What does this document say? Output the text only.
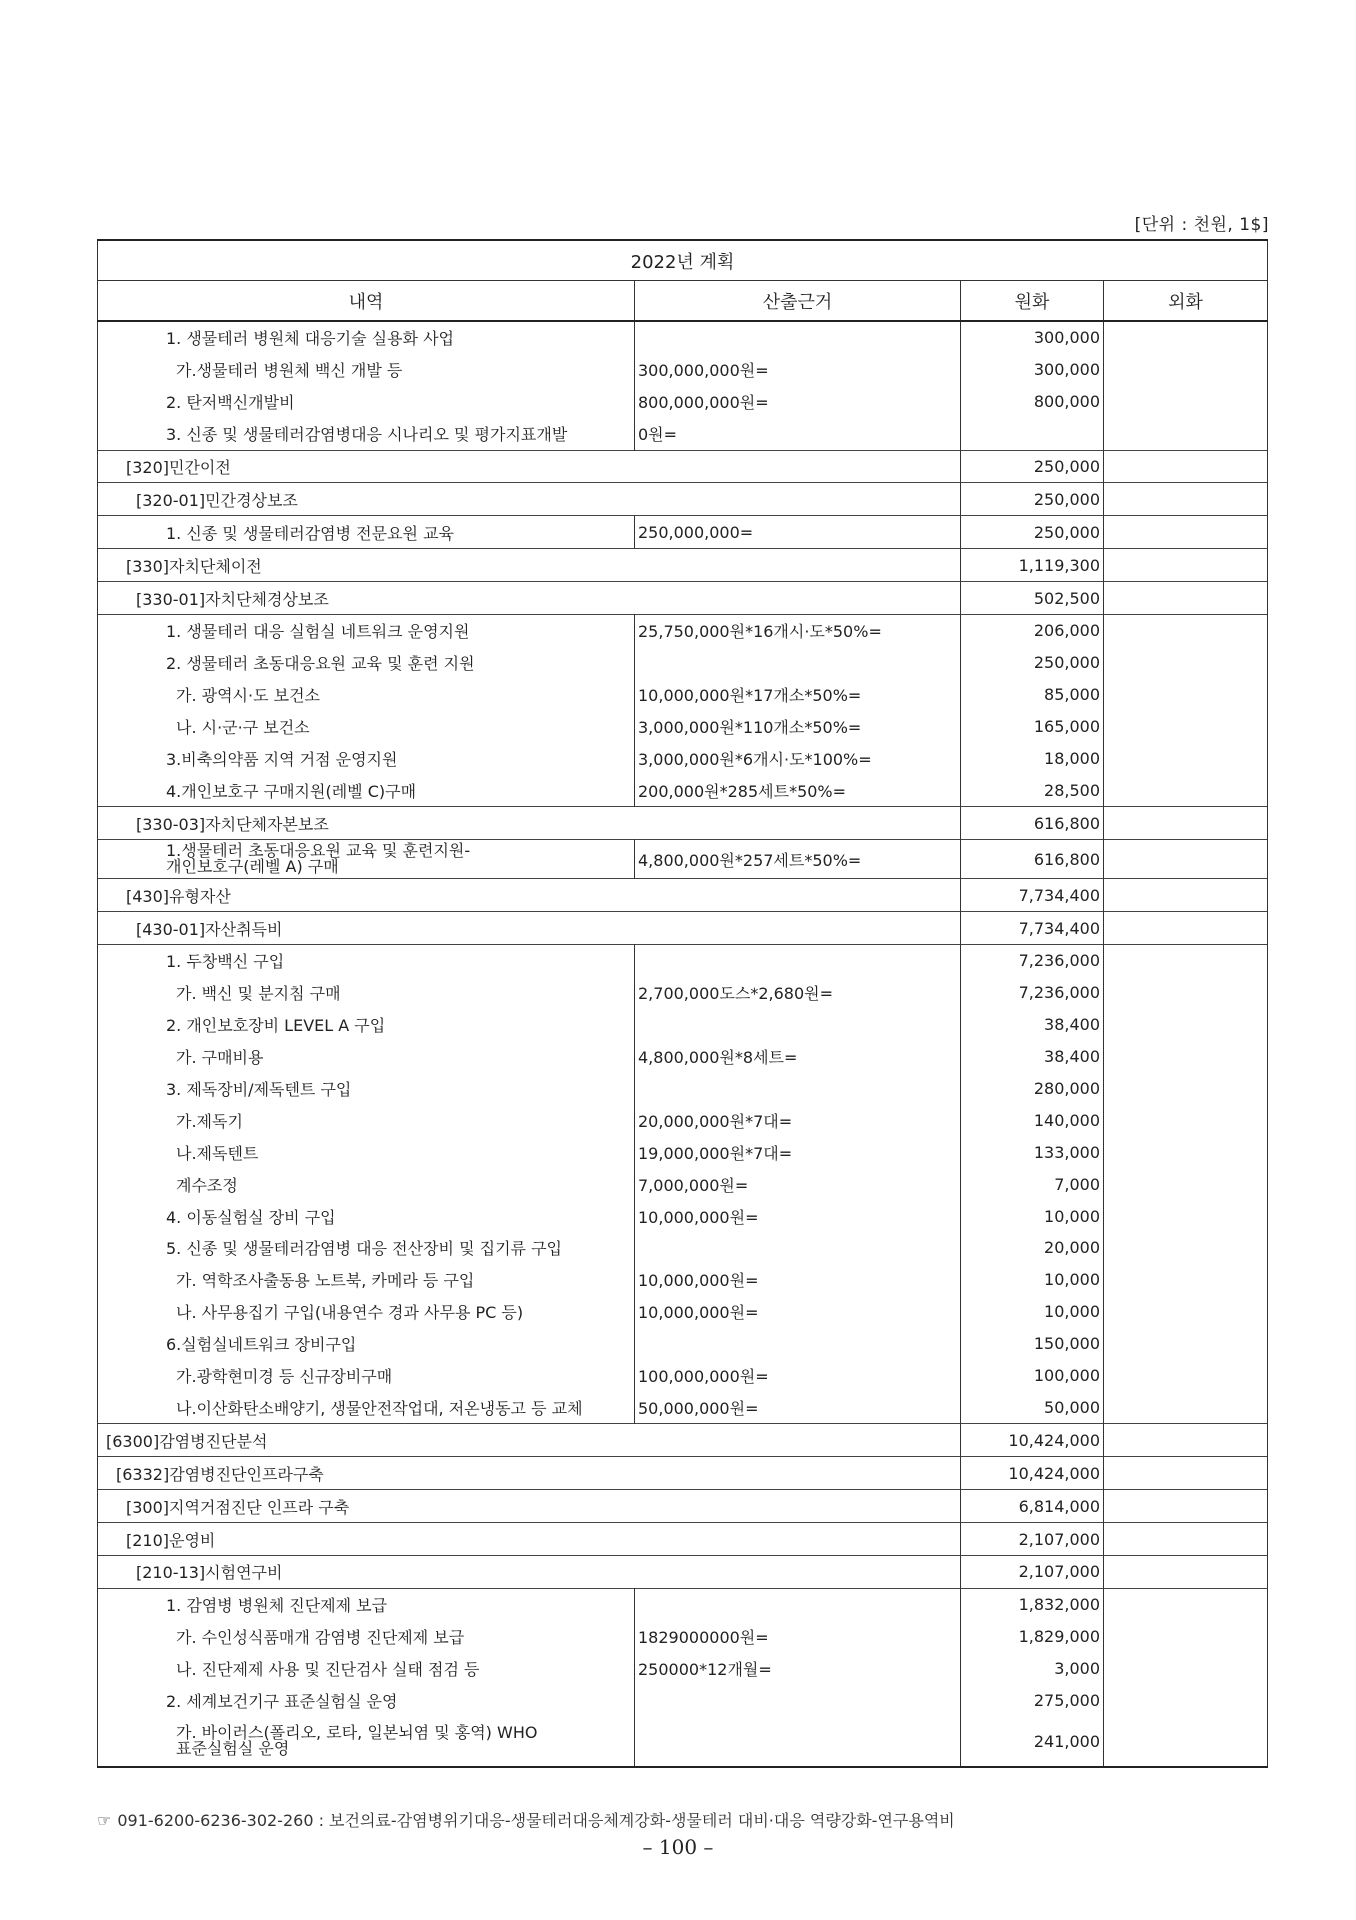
[단위 : 천원, 1$]
2022년 계획			
내역	산출근거	원화	외화
1. 생물테러 병원체 대응기술 실용화 사업		300,000	
가.생물테러 병원체 백신 개발 등	300,000,000원=	300,000	
2. 탄저백신개발비	800,000,000원=	800,000	
3. 신종 및 생물테러감염병대응 시나리오 및 평가지표개발	0원=		
[320]민간이전		250,000	
[320-01]민간경상보조		250,000	
1. 신종 및 생물테러감염병 전문요원 교육	250,000,000=	250,000	
[330]자치단체이전		1,119,300	
[330-01]자치단체경상보조		502,500	
1. 생물테러 대응 실험실 네트워크 운영지원	25,750,000원*16개시·도*50%=	206,000	
2. 생물테러 초동대응요원 교육 및 훈련 지원		250,000	
가. 광역시·도 보건소	10,000,000원*17개소*50%=	85,000	
나. 시·군·구 보건소	3,000,000원*110개소*50%=	165,000	
3.비축의약품 지역 거점 운영지원	3,000,000원*6개시·도*100%=	18,000	
4.개인보호구 구매지원(레벨 C)구매	200,000원*285세트*50%=	28,500	
[330-03]자치단체자본보조		616,800	

1.생물테러 초동대응요원 교육 및 훈련지원-
개인보호구(레벨 A) 구매	4,800,000원*257세트*50%=	616,800	
[430]유형자산		7,734,400	
[430-01]자산취득비		7,734,400	
1. 두창백신 구입		7,236,000	
가. 백신 및 분지침 구매	2,700,000도스*2,680원=	7,236,000	
2. 개인보호장비 LEVEL A 구입		38,400	
가. 구매비용	4,800,000원*8세트=	38,400	
3. 제독장비/제독텐트 구입		280,000	
가.제독기	20,000,000원*7대=	140,000	
나.제독텐트	19,000,000원*7대=	133,000	
계수조정	7,000,000원=	7,000	
4. 이동실험실 장비 구입	10,000,000원=	10,000	
5. 신종 및 생물테러감염병 대응 전산장비 및 집기류 구입		20,000	
가. 역학조사출동용 노트북, 카메라 등 구입	10,000,000원=	10,000	
나. 사무용집기 구입(내용연수 경과 사무용 PC 등)	10,000,000원=	10,000	
6.실험실네트워크 장비구입		150,000	
가.광학현미경 등 신규장비구매	100,000,000원=	100,000	
나.이산화탄소배양기, 생물안전작업대, 저온냉동고 등 교체	50,000,000원=	50,000	
[6300]감염병진단분석		10,424,000	
[6332]감염병진단인프라구축		10,424,000	
[300]지역거점진단 인프라 구축		6,814,000	
[210]운영비		2,107,000	
[210-13]시험연구비		2,107,000	
1. 감염병 병원체 진단제제 보급		1,832,000	
가. 수인성식품매개 감염병 진단제제 보급	1829000000원=	1,829,000	
나. 진단제제 사용 및 진단검사 실태 점검 등	250000*12개월=	3,000	
2. 세계보건기구 표준실험실 운영		275,000	

가. 바이러스(폴리오, 로타, 일본뇌염 및 홍역) WHO
표준실험실 운영		241,000	
☞ 091-6200-6236-302-260 : 보건의료-감염병위기대응-생물테러대응체계강화-생물테러 대비·대응 역량강화-연구용역비
– 100 –
